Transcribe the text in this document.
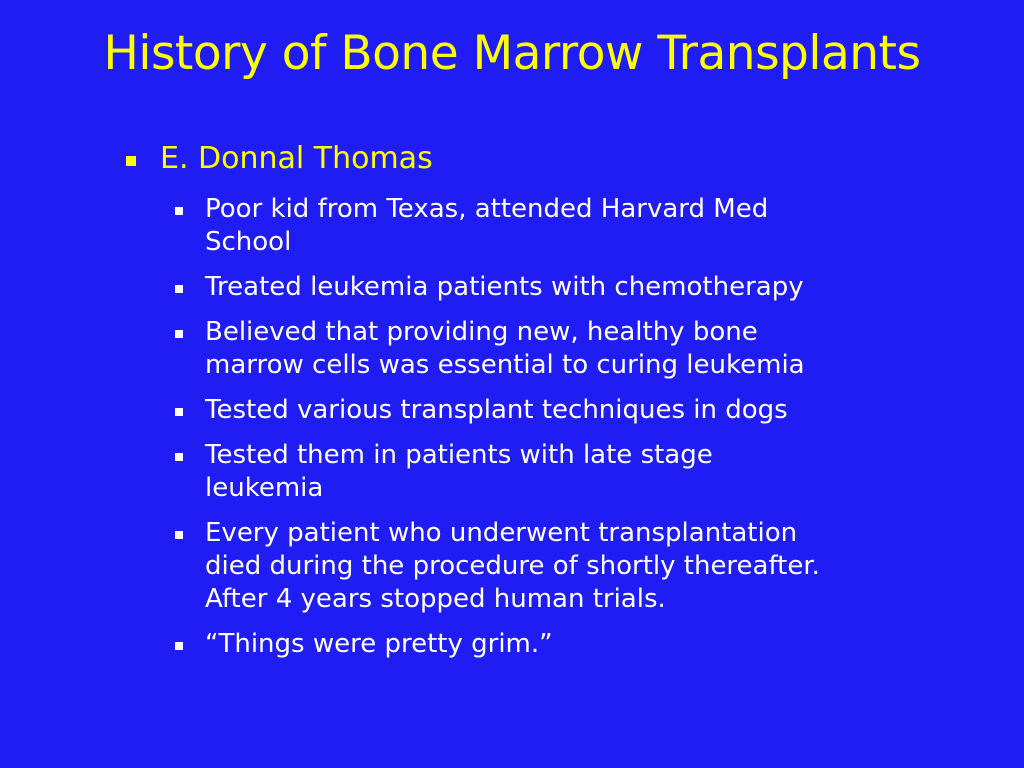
History of Bone Marrow Transplants
E. Donnal Thomas
Poor kid from Texas, attended Harvard Med
School
Treated leukemia patients with chemotherapy
Believed that providing new, healthy bone
marrow cells was essential to curing leukemia
Tested various transplant techniques in dogs
Tested them in patients with late stage
leukemia
Every patient who underwent transplantation
died during the procedure of shortly thereafter.
After 4 years stopped human trials.
“Things were pretty grim.”
